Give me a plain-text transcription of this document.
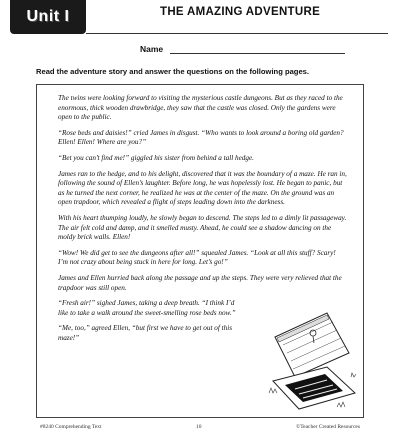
Unit I	THE AMAZING ADVENTURE
Name
Read the adventure story and answer the questions on the following pages.

The twins were looking forward to visiting the mysterious castle dungeons. But as they raced to the enormous, thick wooden drawbridge, they saw that the castle was closed. Only the gardens were open to the public.

“Rose beds and daisies!” cried James in disgust. “Who wants to look around a boring old garden? Ellen! Ellen! Where are you?”

“Bet you can’t find me!” giggled his sister from behind a tall hedge.

James ran to the hedge, and to his delight, discovered that it was the boundary of a maze. He ran in, following the sound of Ellen’s laughter. Before long, he was hopelessly lost. He began to panic, but as he turned the next corner, he realized he was at the center of the maze. On the ground was an open trapdoor, which revealed a flight of steps leading down into the darkness.

With his heart thumping loudly, he slowly began to descend. The steps led to a dimly lit passageway. The air felt cold and damp, and it smelled musty. Ahead, he could see a shadow dancing on the moldy brick walls. Ellen!

“Wow! We did get to see the dungeons after all!” squealed James. “Look at all this stuff? Scary! I’m not crazy about being stuck in here for long. Let’s go!”

James and Ellen hurried back along the passage and up the steps. They were very relieved that the trapdoor was still open.

“Fresh air!” sighed James, taking a deep breath. “I think I’d like to take a walk around the sweet-smelling rose beds now.”

“Me, too,” agreed Ellen, “but first we have to get out of this maze!”

#8240 Comprehending Text	10	©Teacher Created Resources
